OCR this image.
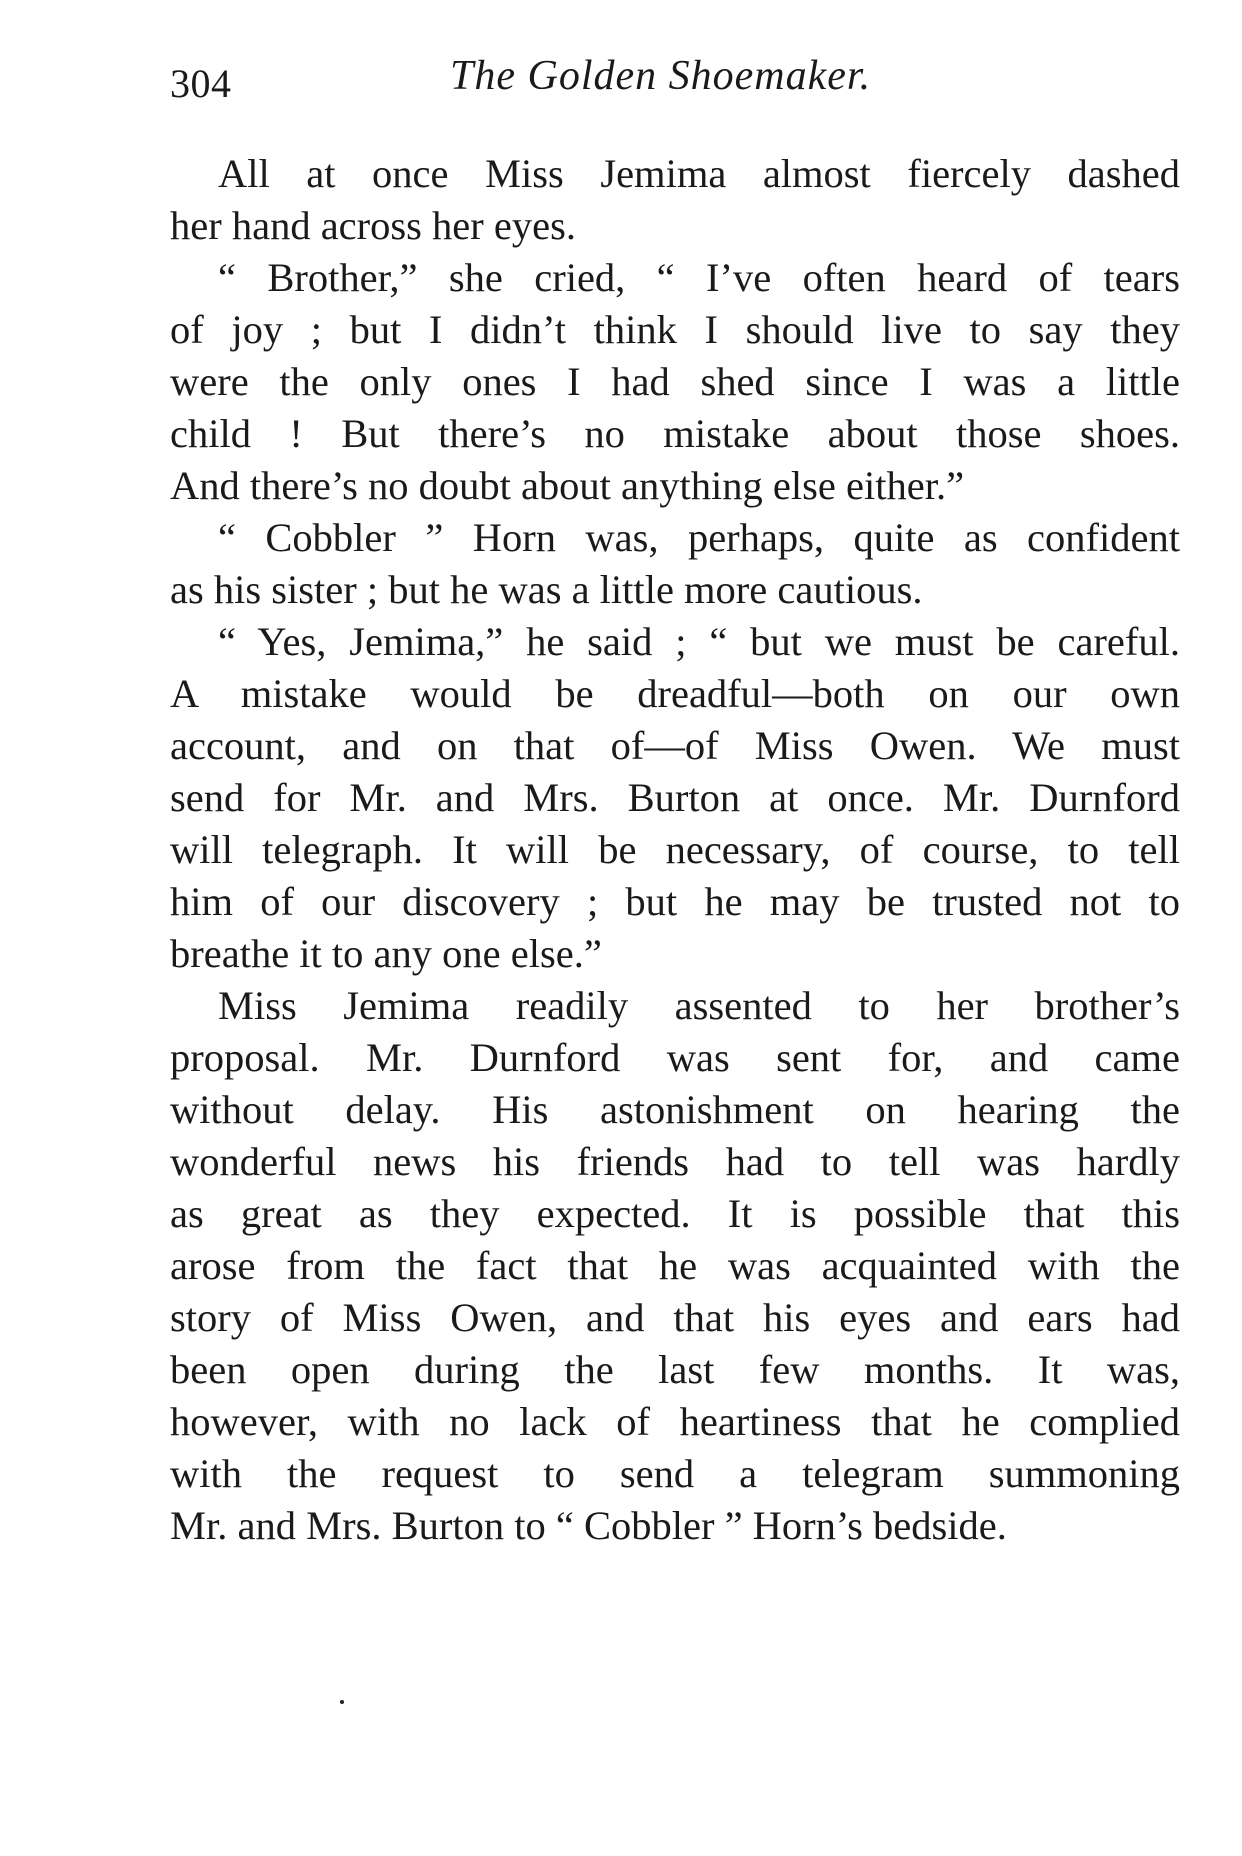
304	The Golden Shoemaker.
All at once Miss Jemima almost fiercely dashed
her hand across her eyes.
“ Brother,” she cried, “ I’ve often heard of tears
of joy ; but I didn’t think I should live to say they
were the only ones I had shed since I was a little
child ! But there’s no mistake about those shoes.
And there’s no doubt about anything else either.”
“ Cobbler ” Horn was, perhaps, quite as confident
as his sister ; but he was a little more cautious.
“ Yes, Jemima,” he said ; “ but we must be careful.
A mistake would be dreadful—both on our own
account, and on that of—of Miss Owen. We must
send for Mr. and Mrs. Burton at once. Mr. Durnford
will telegraph. It will be necessary, of course, to tell
him of our discovery ; but he may be trusted not to
breathe it to any one else.”
Miss Jemima readily assented to her brother’s
proposal. Mr. Durnford was sent for, and came
without delay. His astonishment on hearing the
wonderful news his friends had to tell was hardly
as great as they expected. It is possible that this
arose from the fact that he was acquainted with the
story of Miss Owen, and that his eyes and ears had
been open during the last few months. It was,
however, with no lack of heartiness that he complied
with the request to send a telegram summoning
Mr. and Mrs. Burton to “ Cobbler ” Horn’s bedside.
